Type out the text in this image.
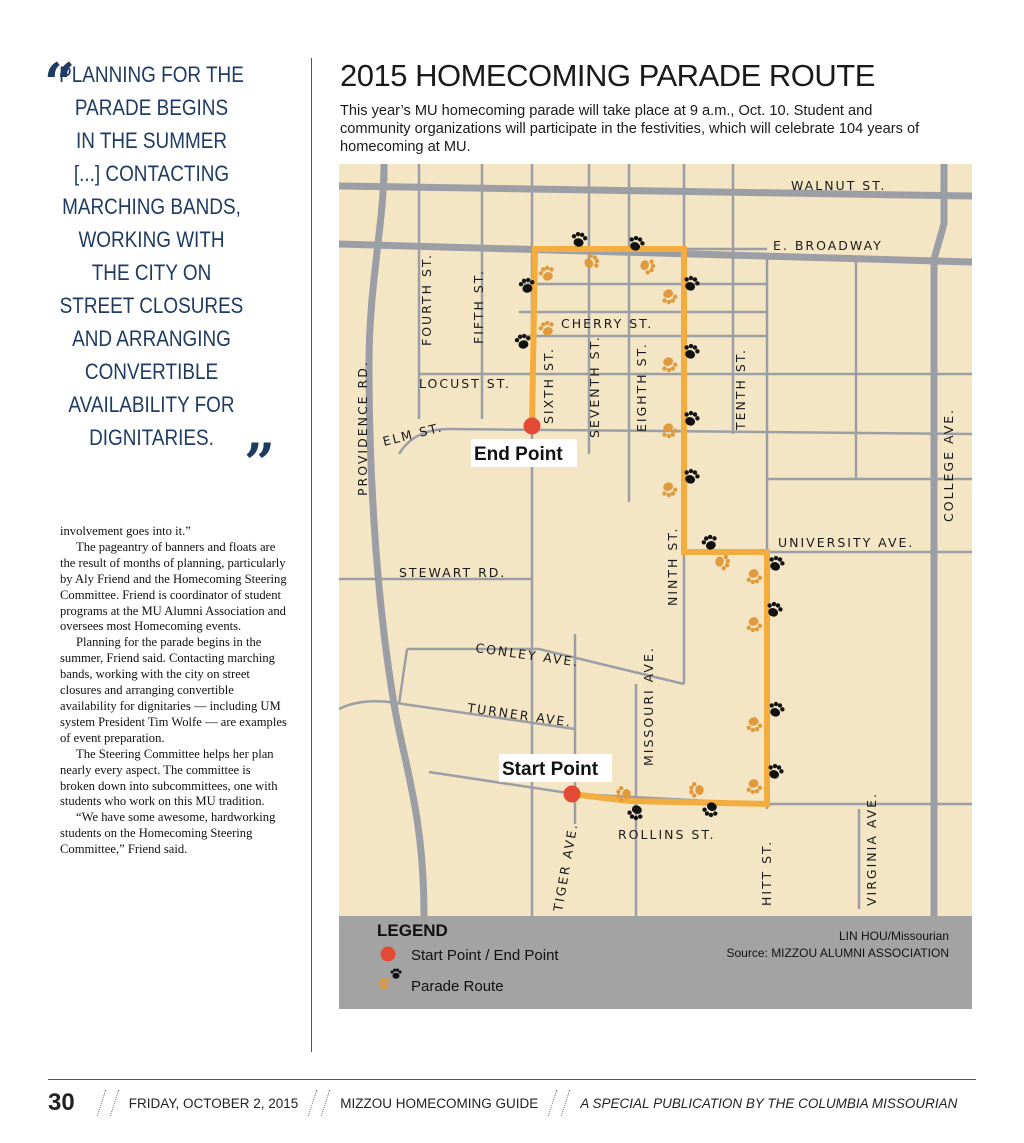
“
PLANNING FOR THE
PARADE BEGINS
IN THE SUMMER
[...] CONTACTING
MARCHING BANDS,
WORKING WITH
THE CITY ON
STREET CLOSURES
AND ARRANGING
CONVERTIBLE
AVAILABILITY FOR
DIGNITARIES. ”

involvement goes into it.”

The pageantry of banners and floats are the result of months of planning, particularly by Aly Friend and the Homecoming Steering Committee. Friend is coordinator of student programs at the MU Alumni Association and oversees most Homecoming events.

Planning for the parade begins in the summer, Friend said. Contacting marching bands, working with the city on street closures and arranging convertible availability for dignitaries — including UM system President Tim Wolfe — are examples of event preparation.

The Steering Committee helps her plan nearly every aspect. The committee is broken down into subcommittees, one with students who work on this MU tradition.

“We have some awesome, hardworking students on the Homecoming Steering Committee,” Friend said.

2015 HOMECOMING PARADE ROUTE

This year’s MU homecoming parade will take place at 9 a.m., Oct. 10. Student and community organizations will participate in the festivities, which will celebrate 104 years of homecoming at MU.

WALNUT ST.
E. BROADWAY
CHERRY ST.
LOCUST ST.
ELM ST.
FOURTH ST.	FIFTH ST.
SIXTH ST. SEVENTH ST.	EIGHTH ST.	TENTH ST.
PROVIDENCE RD.	COLLEGE AVE.
NINTH ST.	UNIVERSITY AVE.
STEWART RD.
CONLEY AVE.
TURNER AVE.	MISSOURI AVE.
ROLLINS ST.
TIGER AVE.	HITT ST.	VIRGINIA AVE.
End Point
Start Point
LEGEND
Start Point / End Point
Parade Route
LIN HOU/Missourian
Source: MIZZOU ALUMNI ASSOCIATION
30	FRIDAY, OCTOBER 2, 2015	MIZZOU HOMECOMING GUIDE	A SPECIAL PUBLICATION BY THE COLUMBIA MISSOURIAN
